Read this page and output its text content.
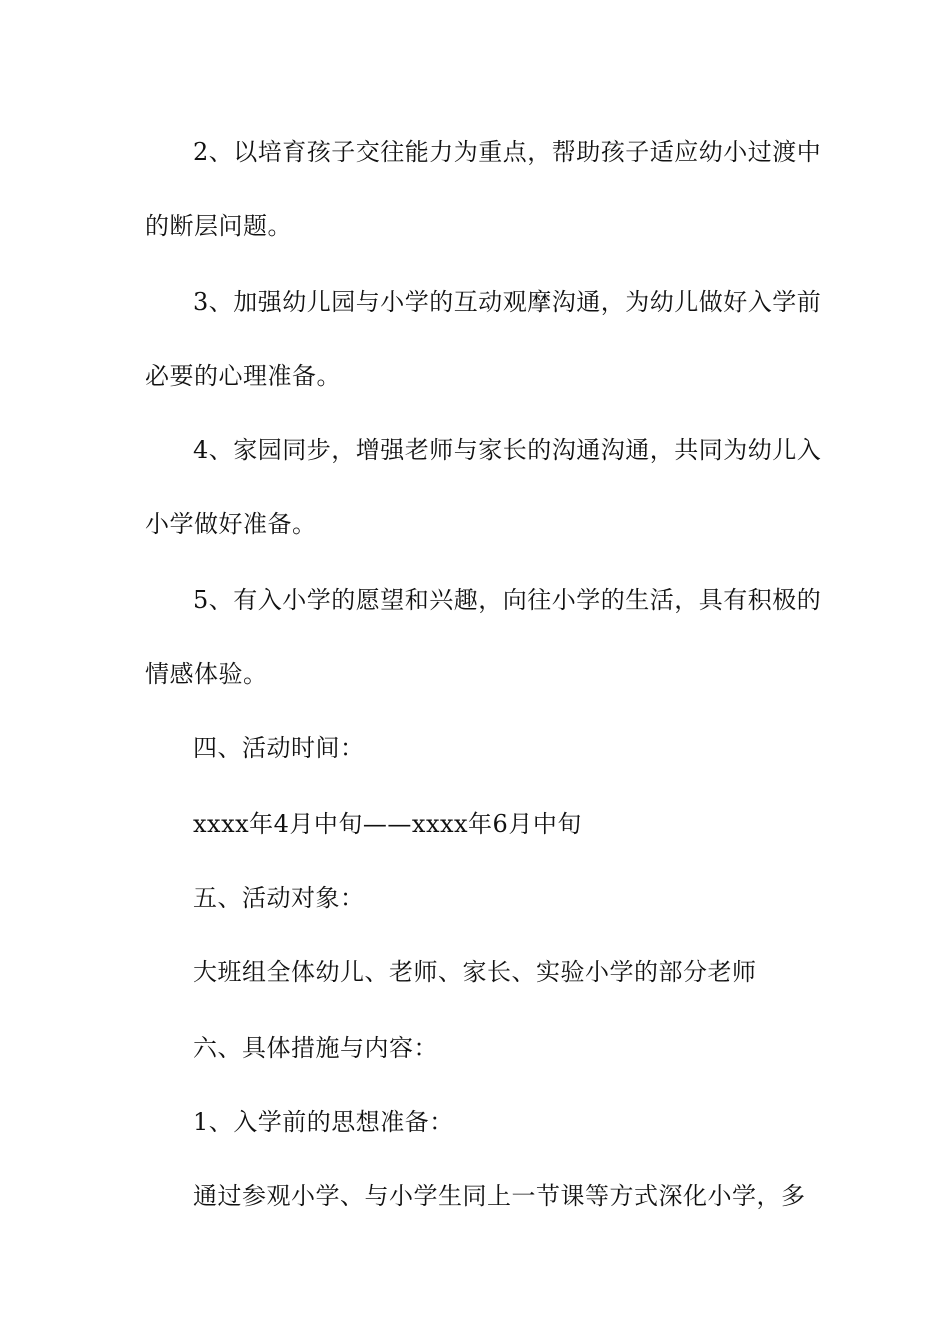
2、以培育孩子交往能力为重点，帮助孩子适应幼小过渡中
的断层问题。
3、加强幼儿园与小学的互动观摩沟通，为幼儿做好入学前
必要的心理准备。
4、家园同步，增强老师与家长的沟通沟通，共同为幼儿入
小学做好准备。
5、有入小学的愿望和兴趣，向往小学的生活，具有积极的
情感体验。
四、活动时间：
xxxx年4月中旬——xxxx年6月中旬
五、活动对象：
大班组全体幼儿、老师、家长、实验小学的部分老师
六、具体措施与内容：
1、入学前的思想准备：
通过参观小学、与小学生同上一节课等方式深化小学，多
